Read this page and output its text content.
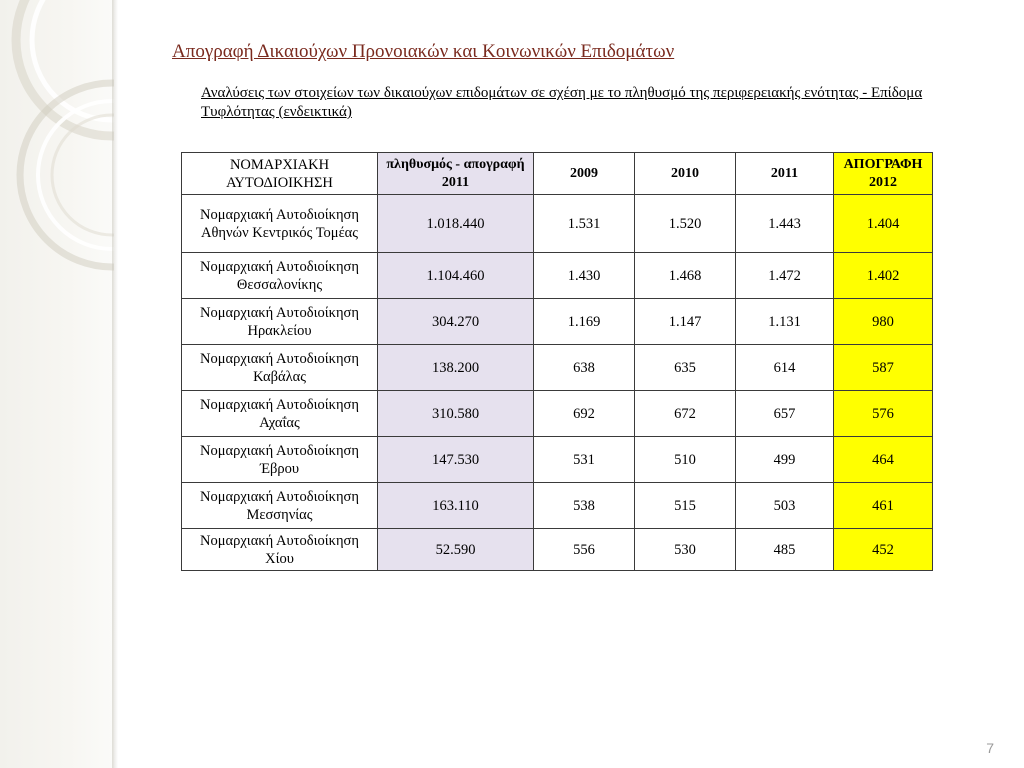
Απογραφή Δικαιούχων Προνοιακών και Κοινωνικών Επιδομάτων
Αναλύσεις των στοιχείων των δικαιούχων επιδομάτων σε σχέση με το πληθυσμό της περιφερειακής ενότητας - Επίδομα Τυφλότητας (ενδεικτικά)
ΝΟΜΑΡΧΙΑΚΗ ΑΥΤΟΔΙΟΙΚΗΣΗ	πληθυσμός - απογραφή 2011	2009	2010	2011	ΑΠΟΓΡΑΦΗ 2012
Νομαρχιακή Αυτοδιοίκηση Αθηνών Κεντρικός Τομέας	1.018.440	1.531	1.520	1.443	1.404
Νομαρχιακή Αυτοδιοίκηση Θεσσαλονίκης	1.104.460	1.430	1.468	1.472	1.402
Νομαρχιακή Αυτοδιοίκηση Ηρακλείου	304.270	1.169	1.147	1.131	980
Νομαρχιακή Αυτοδιοίκηση Καβάλας	138.200	638	635	614	587
Νομαρχιακή Αυτοδιοίκηση Αχαΐας	310.580	692	672	657	576
Νομαρχιακή Αυτοδιοίκηση Έβρου	147.530	531	510	499	464
Νομαρχιακή Αυτοδιοίκηση Μεσσηνίας	163.110	538	515	503	461
Νομαρχιακή Αυτοδιοίκηση Χίου	52.590	556	530	485	452
7
